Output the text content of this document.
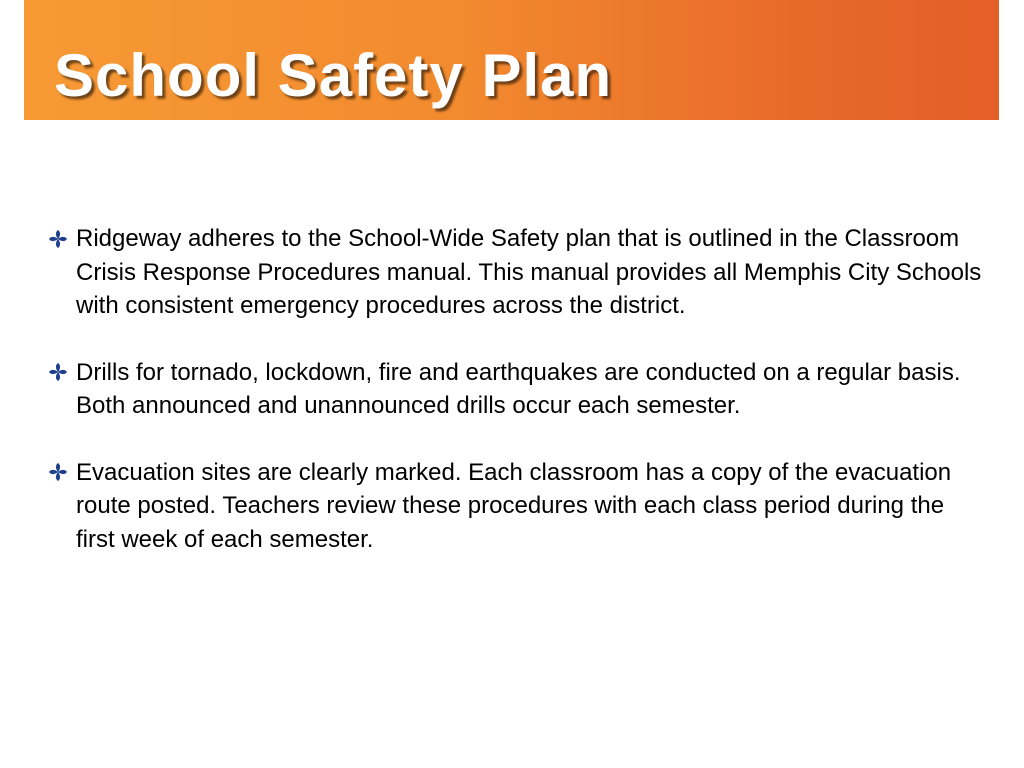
School Safety Plan
Ridgeway adheres to the School-Wide Safety plan that is outlined in the Classroom Crisis Response Procedures manual. This manual provides all Memphis City Schools with consistent emergency procedures across the district.
Drills for tornado, lockdown, fire and earthquakes are conducted on a regular basis. Both announced and unannounced drills occur each semester.
Evacuation sites are clearly marked. Each classroom has a copy of the evacuation route posted. Teachers review these procedures with each class period during the first week of each semester.
